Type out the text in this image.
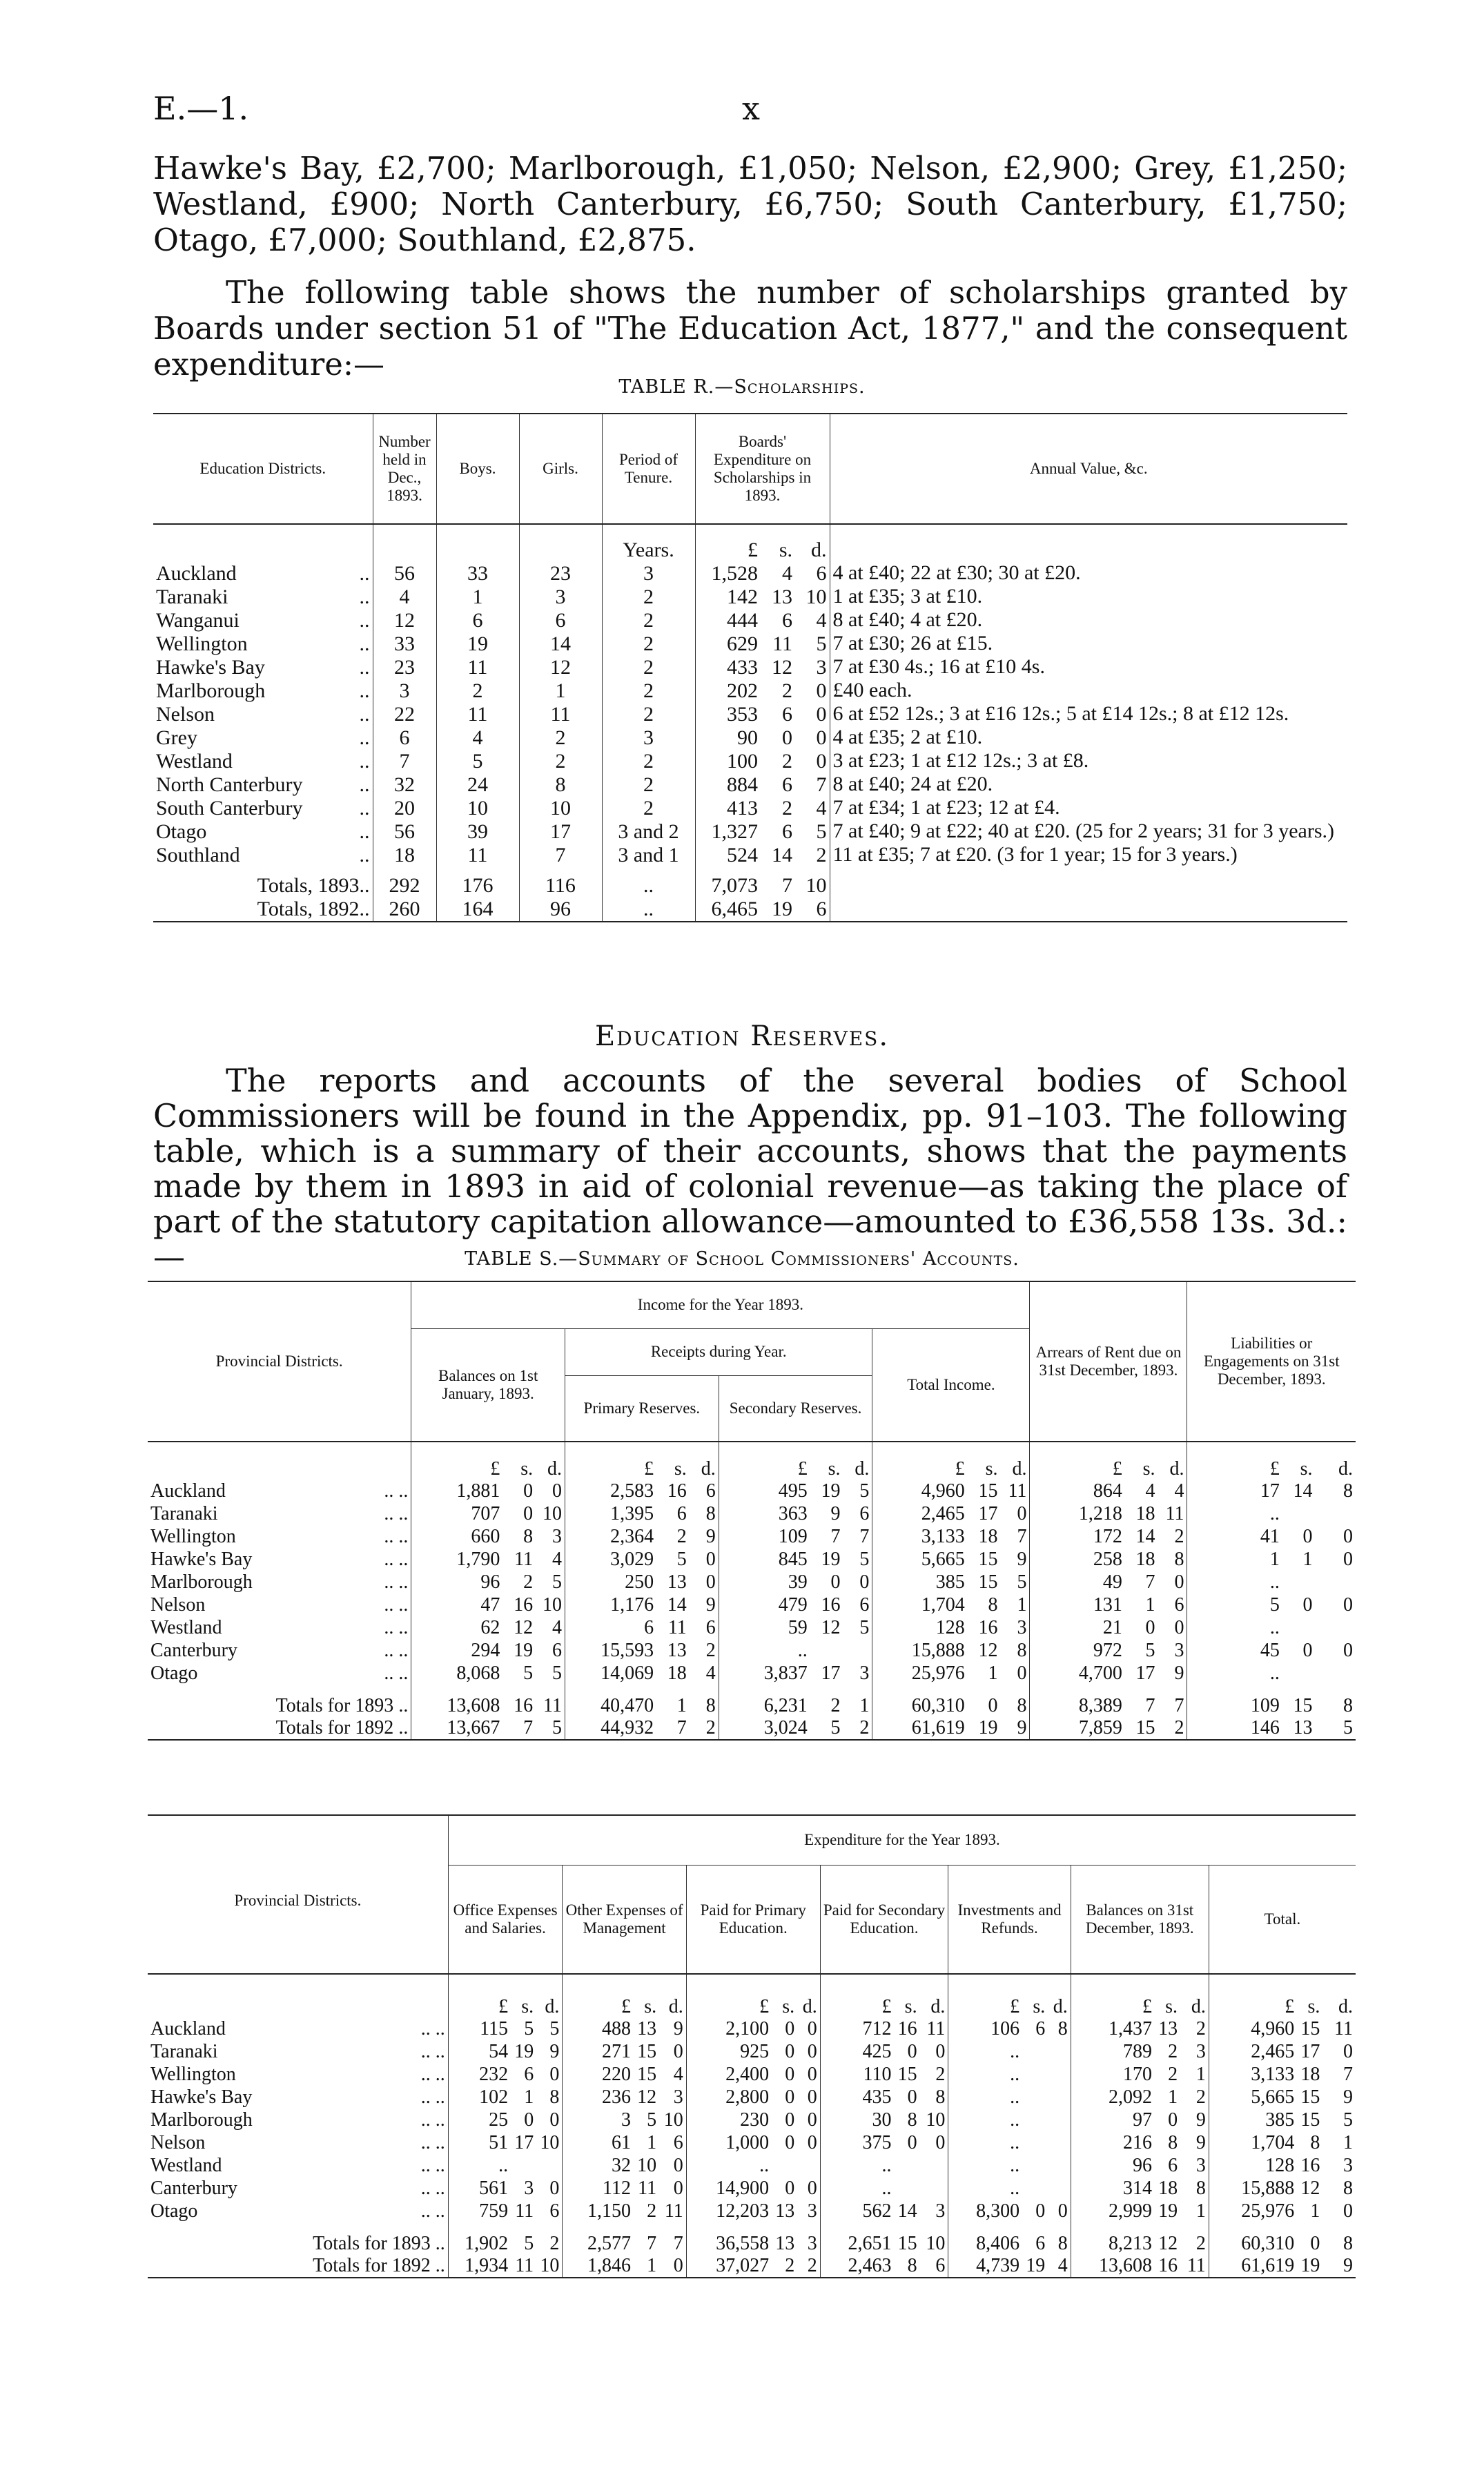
E.—1.	x
Hawke's Bay, £2,700; Marlborough, £1,050; Nelson, £2,900; Grey, £1,250; Westland, £900; North Canterbury, £6,750; South Canterbury, £1,750; Otago, £7,000; Southland, £2,875.
The following table shows the number of scholarships granted by Boards under section 51 of "The Education Act, 1877," and the consequent expenditure:—
TABLE R.—Scholarships.
Education Districts.	Number held in Dec., 1893.	Boys.	Girls.	Period of Tenure.	Boards' Expenditure on Scholarships in 1893.			Annual Value, &c.
				Years.	£	s.	d.	
Auckland ..	56	33	23	3	1,528	4	6	4 at £40; 22 at £30; 30 at £20.
Taranaki ..	4	1	3	2	142	13	10	1 at £35; 3 at £10.
Wanganui ..	12	6	6	2	444	6	4	8 at £40; 4 at £20.
Wellington ..	33	19	14	2	629	11	5	7 at £30; 26 at £15.
Hawke's Bay ..	23	11	12	2	433	12	3	7 at £30 4s.; 16 at £10 4s.
Marlborough ..	3	2	1	2	202	2	0	£40 each.
Nelson ..	22	11	11	2	353	6	0	6 at £52 12s.; 3 at £16 12s.; 5 at £14 12s.; 8 at £12 12s.
Grey ..	6	4	2	3	90	0	0	4 at £35; 2 at £10.
Westland ..	7	5	2	2	100	2	0	3 at £23; 1 at £12 12s.; 3 at £8.
North Canterbury ..	32	24	8	2	884	6	7	8 at £40; 24 at £20.
South Canterbury ..	20	10	10	2	413	2	4	7 at £34; 1 at £23; 12 at £4.
Otago ..	56	39	17	3 and 2	1,327	6	5	7 at £40; 9 at £22; 40 at £20. (25 for 2 years; 31 for 3 years.)
Southland ..	18	11	7	3 and 1	524	14	2	11 at £35; 7 at £20. (3 for 1 year; 15 for 3 years.)
Totals, 1893..	292	176	116	..	7,073	7	10	
Totals, 1892..	260	164	96	..	6,465	19	6	
Education Reserves.
The reports and accounts of the several bodies of School Commissioners will be found in the Appendix, pp. 91–103. The following table, which is a summary of their accounts, shows that the payments made by them in 1893 in aid of colonial revenue—as taking the place of part of the statutory capitation allowance—amounted to £36,558 13s. 3d.:—	TABLE S.—Summary of School Commissioners' Accounts.
Provincial Districts.	Income for the Year 1893.												Arrears of Rent due on 31st December, 1893.			Liabilities or Engagements on 31st December, 1893.		
	Balances on 1st January, 1893.			Receipts during Year.						Total Income.								
				Primary Reserves.			Secondary Reserves.											
	£	s.	d.	£	s.	d.	£	s.	d.	£	s.	d.	£	s.	d.	£	s.	d.
Auckland .. ..	1,881	0	0	2,583	16	6	495	19	5	4,960	15	11	864	4	4	17	14	8
Taranaki .. ..	707	0	10	1,395	6	8	363	9	6	2,465	17	0	1,218	18	11	..		
Wellington .. ..	660	8	3	2,364	2	9	109	7	7	3,133	18	7	172	14	2	41	0	0
Hawke's Bay .. ..	1,790	11	4	3,029	5	0	845	19	5	5,665	15	9	258	18	8	1	1	0
Marlborough .. ..	96	2	5	250	13	0	39	0	0	385	15	5	49	7	0	..		
Nelson .. ..	47	16	10	1,176	14	9	479	16	6	1,704	8	1	131	1	6	5	0	0
Westland .. ..	62	12	4	6	11	6	59	12	5	128	16	3	21	0	0	..		
Canterbury .. ..	294	19	6	15,593	13	2	..			15,888	12	8	972	5	3	45	0	0
Otago .. ..	8,068	5	5	14,069	18	4	3,837	17	3	25,976	1	0	4,700	17	9	..		
Totals for 1893 ..	13,608	16	11	40,470	1	8	6,231	2	1	60,310	0	8	8,389	7	7	109	15	8
Totals for 1892 ..	13,667	7	5	44,932	7	2	3,024	5	2	61,619	19	9	7,859	15	2	146	13	5
Provincial Districts.	Expenditure for the Year 1893.																				
	Office Expenses and Salaries.			Other Expenses of Management			Paid for Primary Education.			Paid for Secondary Education.			Investments and Refunds.			Balances on 31st December, 1893.			Total.		
	£	s.	d.	£	s.	d.	£	s.	d.	£	s.	d.	£	s.	d.	£	s.	d.	£	s.	d.
Auckland .. ..	115	5	5	488	13	9	2,100	0	0	712	16	11	106	6	8	1,437	13	2	4,960	15	11
Taranaki .. ..	54	19	9	271	15	0	925	0	0	425	0	0	..			789	2	3	2,465	17	0
Wellington .. ..	232	6	0	220	15	4	2,400	0	0	110	15	2	..			170	2	1	3,133	18	7
Hawke's Bay .. ..	102	1	8	236	12	3	2,800	0	0	435	0	8	..			2,092	1	2	5,665	15	9
Marlborough .. ..	25	0	0	3	5	10	230	0	0	30	8	10	..			97	0	9	385	15	5
Nelson .. ..	51	17	10	61	1	6	1,000	0	0	375	0	0	..			216	8	9	1,704	8	1
Westland .. ..	..			32	10	0	..			..			..			96	6	3	128	16	3
Canterbury .. ..	561	3	0	112	11	0	14,900	0	0	..			..			314	18	8	15,888	12	8
Otago .. ..	759	11	6	1,150	2	11	12,203	13	3	562	14	3	8,300	0	0	2,999	19	1	25,976	1	0
Totals for 1893 ..	1,902	5	2	2,577	7	7	36,558	13	3	2,651	15	10	8,406	6	8	8,213	12	2	60,310	0	8
Totals for 1892 ..	1,934	11	10	1,846	1	0	37,027	2	2	2,463	8	6	4,739	19	4	13,608	16	11	61,619	19	9
